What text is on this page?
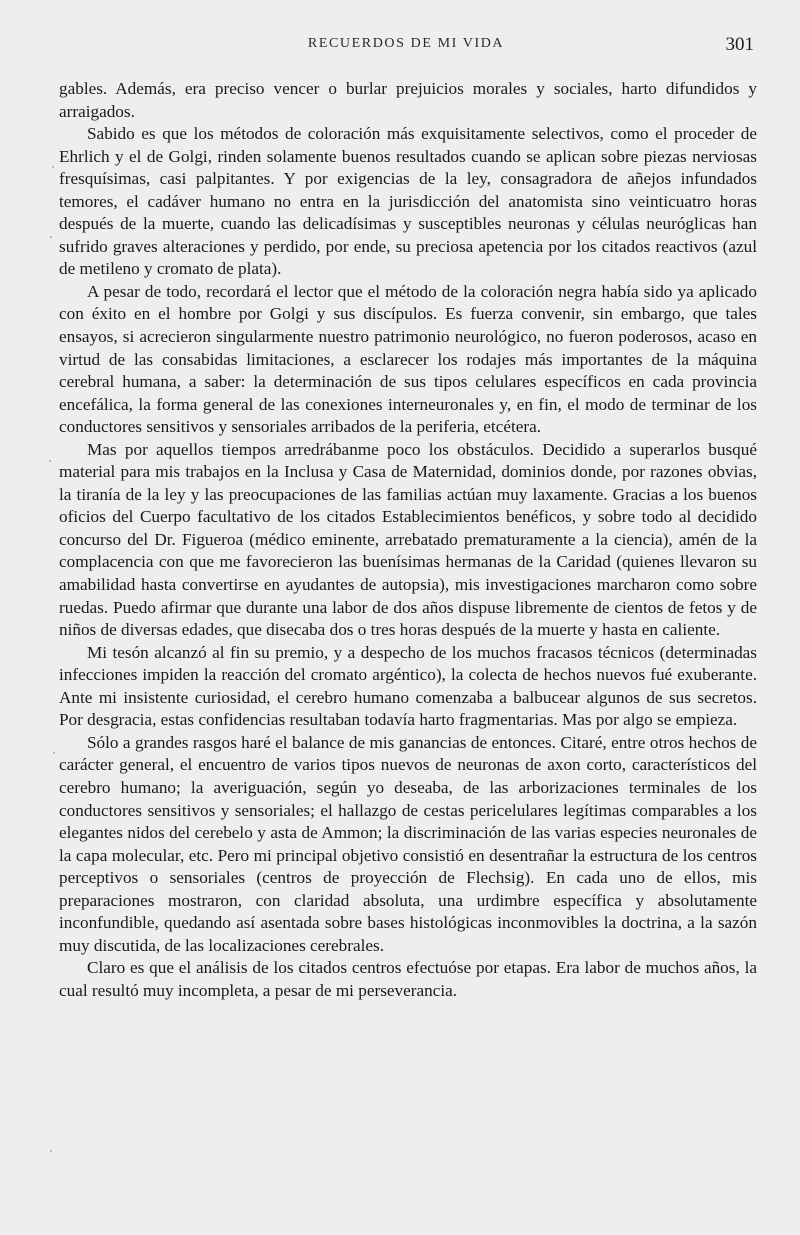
RECUERDOS DE MI VIDA	301

gables. Además, era preciso vencer o burlar prejuicios morales y sociales, harto difundidos y arraigados.

Sabido es que los métodos de coloración más exquisitamente selectivos, como el proceder de Ehrlich y el de Golgi, rinden solamente buenos resultados cuando se aplican sobre piezas nerviosas fresquísimas, casi palpitantes. Y por exigencias de la ley, consagradora de añejos infundados temores, el cadáver humano no entra en la jurisdicción del anatomista sino veinticuatro horas después de la muerte, cuando las delicadísimas y susceptibles neuronas y células neuróglicas han sufrido graves alteraciones y perdido, por ende, su preciosa apetencia por los citados reactivos (azul de metileno y cromato de plata).

A pesar de todo, recordará el lector que el método de la coloración negra había sido ya aplicado con éxito en el hombre por Golgi y sus discípulos. Es fuerza convenir, sin embargo, que tales ensayos, si acrecieron singularmente nuestro patrimonio neurológico, no fueron poderosos, acaso en virtud de las consabidas limitaciones, a esclarecer los rodajes más importantes de la máquina cerebral humana, a saber: la determinación de sus tipos celulares específicos en cada provincia encefálica, la forma general de las conexiones interneuronales y, en fin, el modo de terminar de los conductores sensitivos y sensoriales arribados de la periferia, etcétera.

Mas por aquellos tiempos arredrábanme poco los obstáculos. Decidido a superarlos busqué material para mis trabajos en la Inclusa y Casa de Maternidad, dominios donde, por razones obvias, la tiranía de la ley y las preocupaciones de las familias actúan muy laxamente. Gracias a los buenos oficios del Cuerpo facultativo de los citados Establecimientos benéficos, y sobre todo al decidido concurso del Dr. Figueroa (médico eminente, arrebatado prematuramente a la ciencia), amén de la complacencia con que me favorecieron las buenísimas hermanas de la Caridad (quienes llevaron su amabilidad hasta convertirse en ayudantes de autopsia), mis investigaciones marcharon como sobre ruedas. Puedo afirmar que durante una labor de dos años dispuse libremente de cientos de fetos y de niños de diversas edades, que disecaba dos o tres horas después de la muerte y hasta en caliente.

Mi tesón alcanzó al fin su premio, y a despecho de los muchos fracasos técnicos (determinadas infecciones impiden la reacción del cromato argéntico), la colecta de hechos nuevos fué exuberante. Ante mi insistente curiosidad, el cerebro humano comenzaba a balbucear algunos de sus secretos. Por desgracia, estas confidencias resultaban todavía harto fragmentarias. Mas por algo se empieza.

Sólo a grandes rasgos haré el balance de mis ganancias de entonces. Citaré, entre otros hechos de carácter general, el encuentro de varios tipos nuevos de neuronas de axon corto, característicos del cerebro humano; la averiguación, según yo deseaba, de las arborizaciones terminales de los conductores sensitivos y sensoriales; el hallazgo de cestas pericelulares legítimas comparables a los elegantes nidos del cerebelo y asta de Ammon; la discriminación de las varias especies neuronales de la capa molecular, etc. Pero mi principal objetivo consistió en desentrañar la estructura de los centros perceptivos o sensoriales (centros de proyección de Flechsig). En cada uno de ellos, mis preparaciones mostraron, con claridad absoluta, una urdimbre específica y absolutamente inconfundible, quedando así asentada sobre bases histológicas inconmovibles la doctrina, a la sazón muy discutida, de las localizaciones cerebrales.

Claro es que el análisis de los citados centros efectuóse por etapas. Era labor de muchos años, la cual resultó muy incompleta, a pesar de mi perseverancia.
